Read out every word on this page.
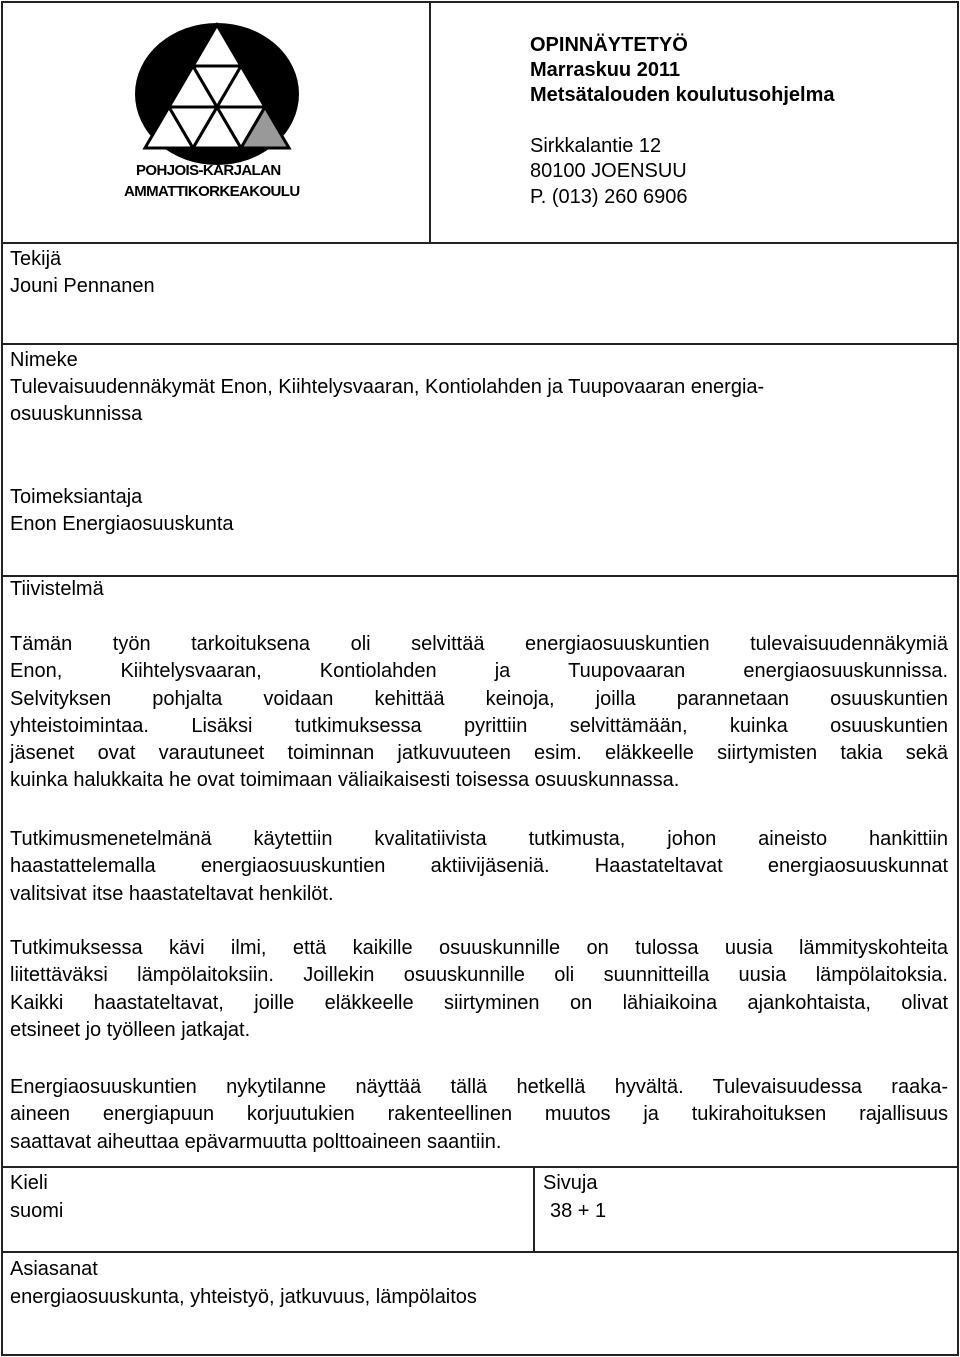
POHJOIS-KARJALAN
AMMATTIKORKEAKOULU
OPINNÄYTETYÖ
Marraskuu 2011
Metsätalouden koulutusohjelma
Sirkkalantie 12
80100 JOENSUU
P. (013) 260 6906
Tekijä
Jouni Pennanen
Nimeke
Tulevaisuudennäkymät Enon, Kiihtelysvaaran, Kontiolahden ja Tuupovaaran energia-
osuuskunnissa
Toimeksiantaja
Enon Energiaosuuskunta
Tiivistelmä
Tämän työn tarkoituksena oli selvittää energiaosuuskuntien tulevaisuudennäkymiä
Enon, Kiihtelysvaaran, Kontiolahden ja Tuupovaaran energiaosuuskunnissa.
Selvityksen pohjalta voidaan kehittää keinoja, joilla parannetaan osuuskuntien
yhteistoimintaa. Lisäksi tutkimuksessa pyrittiin selvittämään, kuinka osuuskuntien
jäsenet ovat varautuneet toiminnan jatkuvuuteen esim. eläkkeelle siirtymisten takia sekä
kuinka halukkaita he ovat toimimaan väliaikaisesti toisessa osuuskunnassa.
Tutkimusmenetelmänä käytettiin kvalitatiivista tutkimusta, johon aineisto hankittiin
haastattelemalla energiaosuuskuntien aktiivijäseniä. Haastateltavat energiaosuuskunnat
valitsivat itse haastateltavat henkilöt.
Tutkimuksessa kävi ilmi, että kaikille osuuskunnille on tulossa uusia lämmityskohteita
liitettäväksi lämpölaitoksiin. Joillekin osuuskunnille oli suunnitteilla uusia lämpölaitoksia.
Kaikki haastateltavat, joille eläkkeelle siirtyminen on lähiaikoina ajankohtaista, olivat
etsineet jo työlleen jatkajat.
Energiaosuuskuntien nykytilanne näyttää tällä hetkellä hyvältä. Tulevaisuudessa raaka-
aineen energiapuun korjuutukien rakenteellinen muutos ja tukirahoituksen rajallisuus
saattavat aiheuttaa epävarmuutta polttoaineen saantiin.
Kieli
suomi
Sivuja
38 + 1
Asiasanat
energiaosuuskunta, yhteistyö, jatkuvuus, lämpölaitos
